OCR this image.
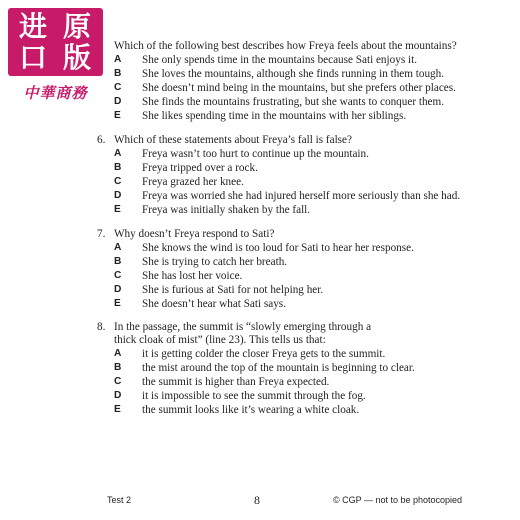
进 原
口 版
中華商務
Which of the following best describes how Freya feels about the mountains?
A	She only spends time in the mountains because Sati enjoys it.
B	She loves the mountains, although she finds running in them tough.
C	She doesn’t mind being in the mountains, but she prefers other places.
D	She finds the mountains frustrating, but she wants to conquer them.
E	She likes spending time in the mountains with her siblings.
6. Which of these statements about Freya’s fall is false?
A	Freya wasn’t too hurt to continue up the mountain.
B	Freya tripped over a rock.
C	Freya grazed her knee.
D	Freya was worried she had injured herself more seriously than she had.
E	Freya was initially shaken by the fall.
7. Why doesn’t Freya respond to Sati?
A	She knows the wind is too loud for Sati to hear her response.
B	She is trying to catch her breath.
C	She has lost her voice.
D	She is furious at Sati for not helping her.
E	She doesn’t hear what Sati says.
8. In the passage, the summit is “slowly emerging through a
thick cloak of mist” (line 23). This tells us that:
A	it is getting colder the closer Freya gets to the summit.
B	the mist around the top of the mountain is beginning to clear.
C	the summit is higher than Freya expected.
D	it is impossible to see the summit through the fog.
E	the summit looks like it’s wearing a white cloak.
Test 2	8	© CGP — not to be photocopied
